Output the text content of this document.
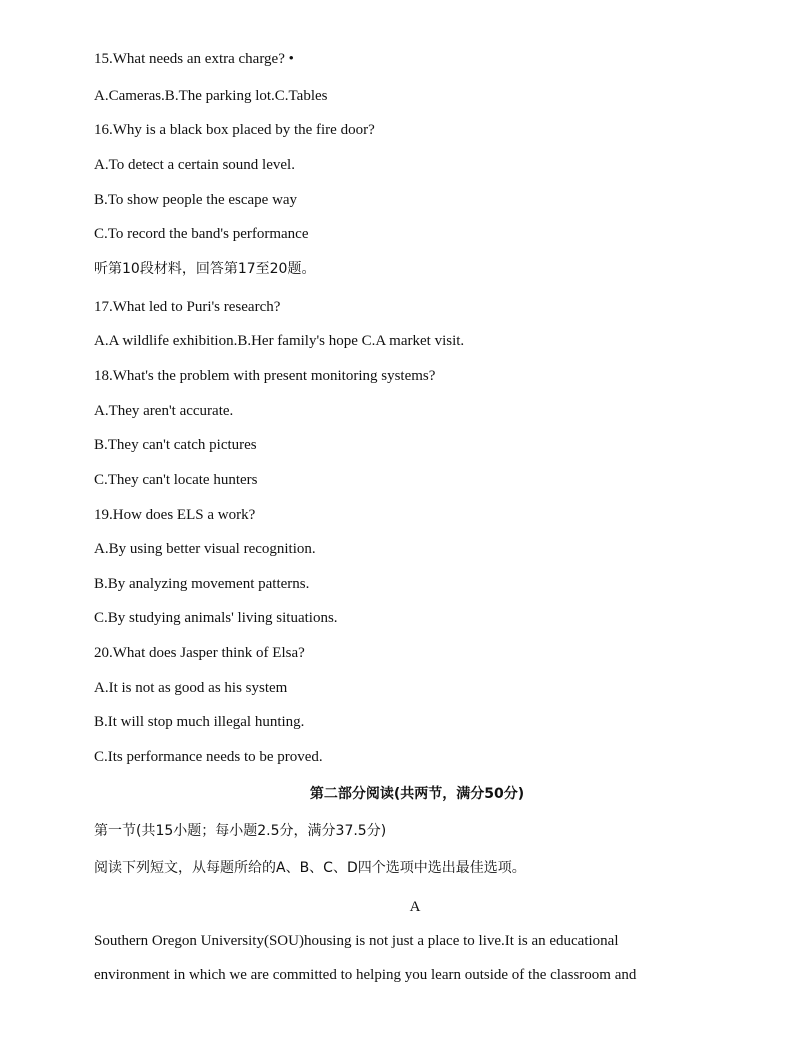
15.What needs an extra charge? •

A.Cameras.B.The parking lot.C.Tables

16.Why is a black box placed by the fire door?

A.To detect a certain sound level.

B.To show people the escape way

C.To record the band's performance

听第10段材料，回答第17至20题。

17.What led to Puri's research?

A.A wildlife exhibition.B.Her family's hope C.A market visit.

18.What's the problem with present monitoring systems?

A.They aren't accurate.

B.They can't catch pictures

C.They can't locate hunters

19.How does ELS a work?

A.By using better visual recognition.

B.By analyzing movement patterns.

C.By studying animals' living situations.

20.What does Jasper think of Elsa?

A.It is not as good as his system

B.It will stop much illegal hunting.

C.Its performance needs to be proved.

第二部分阅读(共两节，满分50分)

第一节(共15小题；每小题2.5分，满分37.5分)

阅读下列短文，从每题所给的A、B、C、D四个选项中选出最佳选项。

A

Southern Oregon University(SOU)housing is not just a place to live.It is an educational

environment in which we are committed to helping you learn outside of the classroom and
